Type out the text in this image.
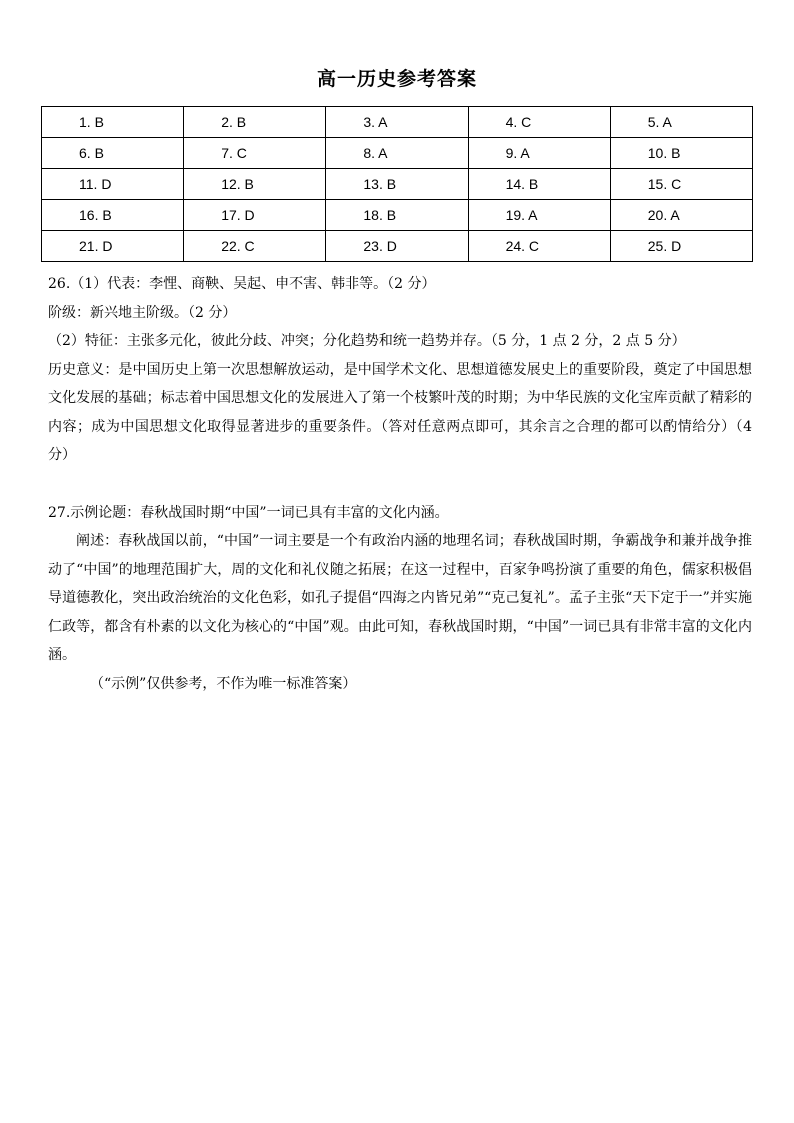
高一历史参考答案
1. B	2. B	3. A	4. C	5. A
6. B	7. C	8. A	9. A	10. B
11. D	12. B	13. B	14. B	15. C
16. B	17. D	18. B	19. A	20. A
21. D	22. C	23. D	24. C	25. D

26.（1）代表：李悝、商鞅、吴起、申不害、韩非等。（2 分）

阶级：新兴地主阶级。（2 分）

（2）特征：主张多元化，彼此分歧、冲突；分化趋势和统一趋势并存。（5 分，1 点 2 分，2 点 5 分）

历史意义：是中国历史上第一次思想解放运动，是中国学术文化、思想道德发展史上的重要阶段，奠定了中国思想文化发展的基础；标志着中国思想文化的发展进入了第一个枝繁叶茂的时期；为中华民族的文化宝库贡献了精彩的内容；成为中国思想文化取得显著进步的重要条件。（答对任意两点即可，其余言之合理的都可以酌情给分）（4 分）

27.示例论题：春秋战国时期“中国”一词已具有丰富的文化内涵。

阐述：春秋战国以前，“中国”一词主要是一个有政治内涵的地理名词；春秋战国时期，争霸战争和兼并战争推动了“中国”的地理范围扩大，周的文化和礼仪随之拓展；在这一过程中，百家争鸣扮演了重要的角色，儒家积极倡导道德教化，突出政治统治的文化色彩，如孔子提倡“四海之内皆兄弟”“克己复礼”。孟子主张“天下定于一”并实施仁政等，都含有朴素的以文化为核心的“中国”观。由此可知，春秋战国时期，“中国”一词已具有非常丰富的文化内涵。

（“示例”仅供参考，不作为唯一标准答案）
